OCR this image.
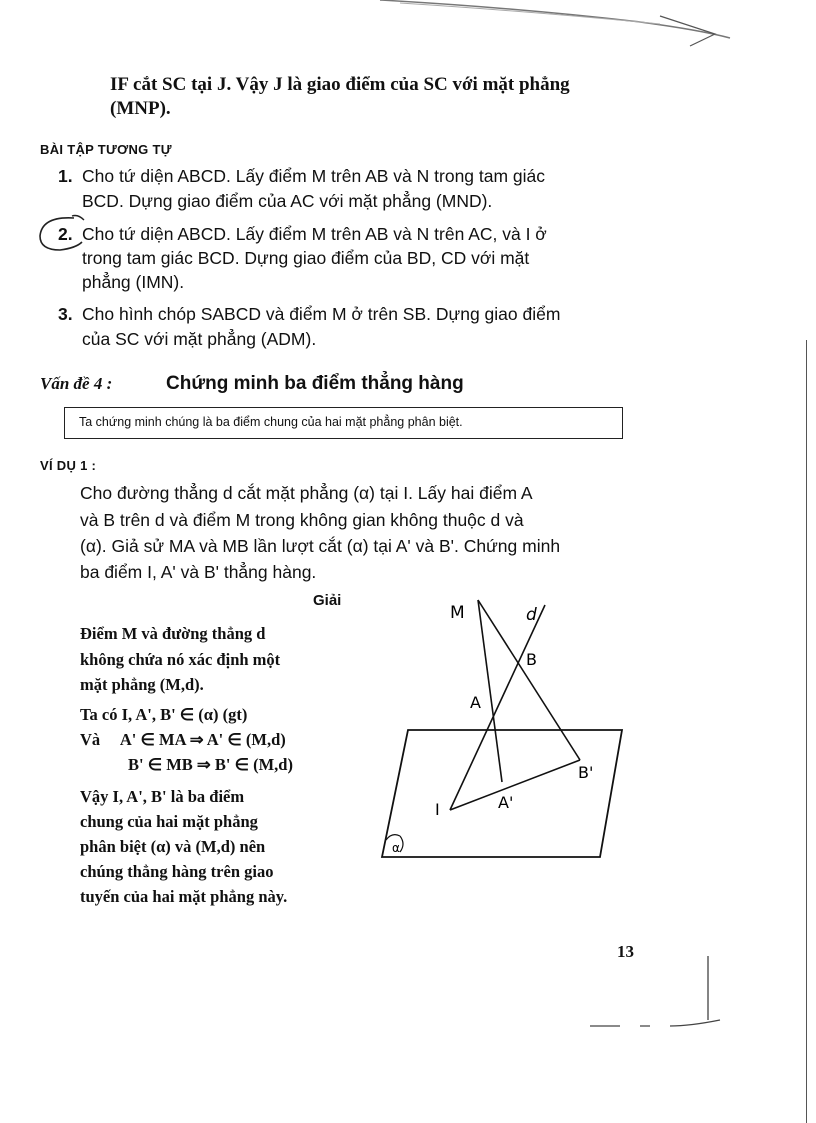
IF cắt SC tại J. Vậy J là giao điểm của SC với mặt phẳng
(MNP).
BÀI TẬP TƯƠNG TỰ
1. Cho tứ diện ABCD. Lấy điểm M trên AB và N trong tam giác
BCD. Dựng giao điểm của AC với mặt phẳng (MND).
2. Cho tứ diện ABCD. Lấy điểm M trên AB và N trên AC, và I ở
trong tam giác BCD. Dựng giao điểm của BD, CD với mặt
phẳng (IMN).
3. Cho hình chóp SABCD và điểm M ở trên SB. Dựng giao điểm
của SC với mặt phẳng (ADM).
Vấn đề 4 :	Chứng minh ba điểm thẳng hàng
Ta chứng minh chúng là ba điểm chung của hai mặt phẳng phân biệt.
VÍ DỤ 1 :
Cho đường thẳng d cắt mặt phẳng (α) tại I. Lấy hai điểm A
và B trên d và điểm M trong không gian không thuộc d và
(α). Giả sử MA và MB lần lượt cắt (α) tại A' và B'. Chứng minh
ba điểm I, A' và B' thẳng hàng.
Giải
Điểm M và đường thẳng d
không chứa nó xác định một
mặt phẳng (M,d).
Ta có I, A', B' ∈ (α) (gt)
Và     A' ∈ MA ⇒ A' ∈ (M,d)
B' ∈ MB ⇒ B' ∈ (M,d)
Vậy I, A', B' là ba điểm
chung của hai mặt phẳng
phân biệt (α) và (M,d) nên
chúng thẳng hàng trên giao
tuyến của hai mặt phẳng này.
M	d
B
A
B'
A'
I
α
13
